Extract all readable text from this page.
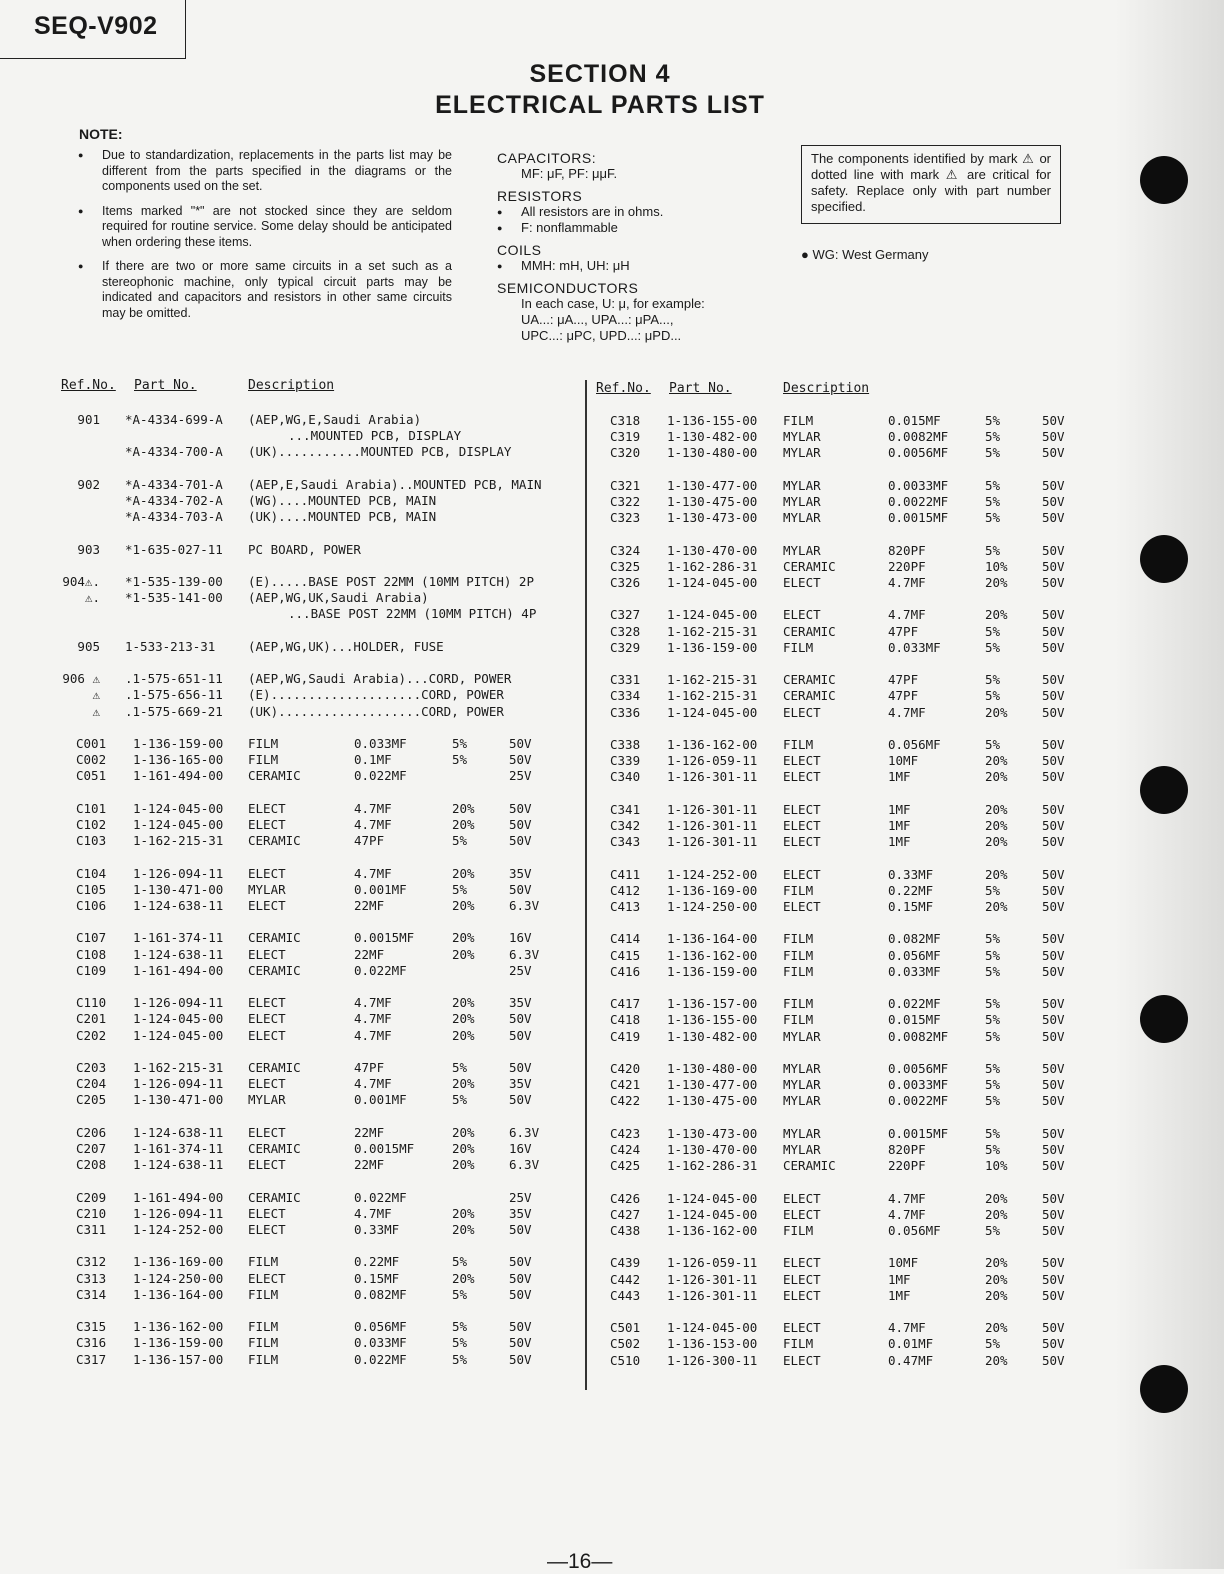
SEQ-V902
SECTION 4
ELECTRICAL PARTS LIST
NOTE:
● Due to standardization, replacements in the parts list may be different from the parts specified in the diagrams or the components used on the set.
● Items marked "*" are not stocked since they are seldom required for routine service. Some delay should be anticipated when ordering these items.
● If there are two or more same circuits in a set such as a stereophonic machine, only typical circuit parts may be indicated and capacitors and resistors in other same circuits may be omitted.
CAPACITORS:
MF: μF, PF: μμF.
RESISTORS
● All resistors are in ohms.
● F: nonflammable
COILS
● MMH: mH, UH: μH
SEMICONDUCTORS
In each case, U: μ, for example:
UA...: μA..., UPA...: μPA...,
UPC...: μPC, UPD...: μPD...
The components identified by mark ⚠ or dotted line with mark ⚠ are critical for safety. Replace only with part number specified.
● WG: West Germany
Ref.No. Part No.	Description	Ref.No. Part No.	Description
901 *A-4334-699-A (AEP,WG,E,Saudi Arabia)
...MOUNTED PCB, DISPLAY
*A-4334-700-A (UK)...........MOUNTED PCB, DISPLAY
902 *A-4334-701-A (AEP,E,Saudi Arabia)..MOUNTED PCB, MAIN
*A-4334-702-A (WG)....MOUNTED PCB, MAIN
*A-4334-703-A (UK)....MOUNTED PCB, MAIN
903 *1-635-027-11 PC BOARD, POWER
904⚠. *1-535-139-00 (E).....BASE POST 22MM (10MM PITCH) 2P
⚠. *1-535-141-00 (AEP,WG,UK,Saudi Arabia)
...BASE POST 22MM (10MM PITCH) 4P
905 1-533-213-31	(AEP,WG,UK)...HOLDER, FUSE
906 ⚠ .1-575-651-11 (AEP,WG,Saudi Arabia)...CORD, POWER
⚠ .1-575-656-11 (E)....................CORD, POWER
⚠ .1-575-669-21 (UK)...................CORD, POWER
C001 1-136-159-00 FILM	0.033MF	5%	50V
C002 1-136-165-00 FILM	0.1MF	5%	50V
C051 1-161-494-00 CERAMIC	0.022MF	25V
C101 1-124-045-00 ELECT	4.7MF	20%	50V
C102 1-124-045-00 ELECT	4.7MF	20%	50V
C103 1-162-215-31 CERAMIC	47PF	5%	50V
C104 1-126-094-11 ELECT	4.7MF	20%	35V
C105 1-130-471-00 MYLAR	0.001MF	5%	50V
C106 1-124-638-11 ELECT	22MF	20%	6.3V
C107 1-161-374-11 CERAMIC	0.0015MF	20%	16V
C108 1-124-638-11 ELECT	22MF	20%	6.3V
C109 1-161-494-00 CERAMIC	0.022MF	25V
C110 1-126-094-11 ELECT	4.7MF	20%	35V
C201 1-124-045-00 ELECT	4.7MF	20%	50V
C202 1-124-045-00 ELECT	4.7MF	20%	50V
C203 1-162-215-31 CERAMIC	47PF	5%	50V
C204 1-126-094-11 ELECT	4.7MF	20%	35V
C205 1-130-471-00 MYLAR	0.001MF	5%	50V
C206 1-124-638-11 ELECT	22MF	20%	6.3V
C207 1-161-374-11 CERAMIC	0.0015MF	20%	16V
C208 1-124-638-11 ELECT	22MF	20%	6.3V
C209 1-161-494-00 CERAMIC	0.022MF	25V
C210 1-126-094-11 ELECT	4.7MF	20%	35V
C311 1-124-252-00 ELECT	0.33MF	20%	50V
C312 1-136-169-00 FILM	0.22MF	5%	50V
C313 1-124-250-00 ELECT	0.15MF	20%	50V
C314 1-136-164-00 FILM	0.082MF	5%	50V
C315 1-136-162-00 FILM	0.056MF	5%	50V
C316 1-136-159-00 FILM	0.033MF	5%	50V
C317 1-136-157-00 FILM	0.022MF	5%	50V
C318 1-136-155-00 FILM	0.015MF	5%	50V
C319 1-130-482-00 MYLAR	0.0082MF	5%	50V
C320 1-130-480-00 MYLAR	0.0056MF	5%	50V
C321 1-130-477-00 MYLAR	0.0033MF	5%	50V
C322 1-130-475-00 MYLAR	0.0022MF	5%	50V
C323 1-130-473-00 MYLAR	0.0015MF	5%	50V
C324 1-130-470-00 MYLAR	820PF	5%	50V
C325 1-162-286-31 CERAMIC	220PF	10%	50V
C326 1-124-045-00 ELECT	4.7MF	20%	50V
C327 1-124-045-00 ELECT	4.7MF	20%	50V
C328 1-162-215-31 CERAMIC	47PF	5%	50V
C329 1-136-159-00 FILM	0.033MF	5%	50V
C331 1-162-215-31 CERAMIC	47PF	5%	50V
C334 1-162-215-31 CERAMIC	47PF	5%	50V
C336 1-124-045-00 ELECT	4.7MF	20%	50V
C338 1-136-162-00 FILM	0.056MF	5%	50V
C339 1-126-059-11 ELECT	10MF	20%	50V
C340 1-126-301-11 ELECT	1MF	20%	50V
C341 1-126-301-11 ELECT	1MF	20%	50V
C342 1-126-301-11 ELECT	1MF	20%	50V
C343 1-126-301-11 ELECT	1MF	20%	50V
C411 1-124-252-00 ELECT	0.33MF	20%	50V
C412 1-136-169-00 FILM	0.22MF	5%	50V
C413 1-124-250-00 ELECT	0.15MF	20%	50V
C414 1-136-164-00 FILM	0.082MF	5%	50V
C415 1-136-162-00 FILM	0.056MF	5%	50V
C416 1-136-159-00 FILM	0.033MF	5%	50V
C417 1-136-157-00 FILM	0.022MF	5%	50V
C418 1-136-155-00 FILM	0.015MF	5%	50V
C419 1-130-482-00 MYLAR	0.0082MF	5%	50V
C420 1-130-480-00 MYLAR	0.0056MF	5%	50V
C421 1-130-477-00 MYLAR	0.0033MF	5%	50V
C422 1-130-475-00 MYLAR	0.0022MF	5%	50V
C423 1-130-473-00 MYLAR	0.0015MF	5%	50V
C424 1-130-470-00 MYLAR	820PF	5%	50V
C425 1-162-286-31 CERAMIC	220PF	10%	50V
C426 1-124-045-00 ELECT	4.7MF	20%	50V
C427 1-124-045-00 ELECT	4.7MF	20%	50V
C438 1-136-162-00 FILM	0.056MF	5%	50V
C439 1-126-059-11 ELECT	10MF	20%	50V
C442 1-126-301-11 ELECT	1MF	20%	50V
C443 1-126-301-11 ELECT	1MF	20%	50V
C501 1-124-045-00 ELECT	4.7MF	20%	50V
C502 1-136-153-00 FILM	0.01MF	5%	50V
C510 1-126-300-11 ELECT	0.47MF	20%	50V
—16—
